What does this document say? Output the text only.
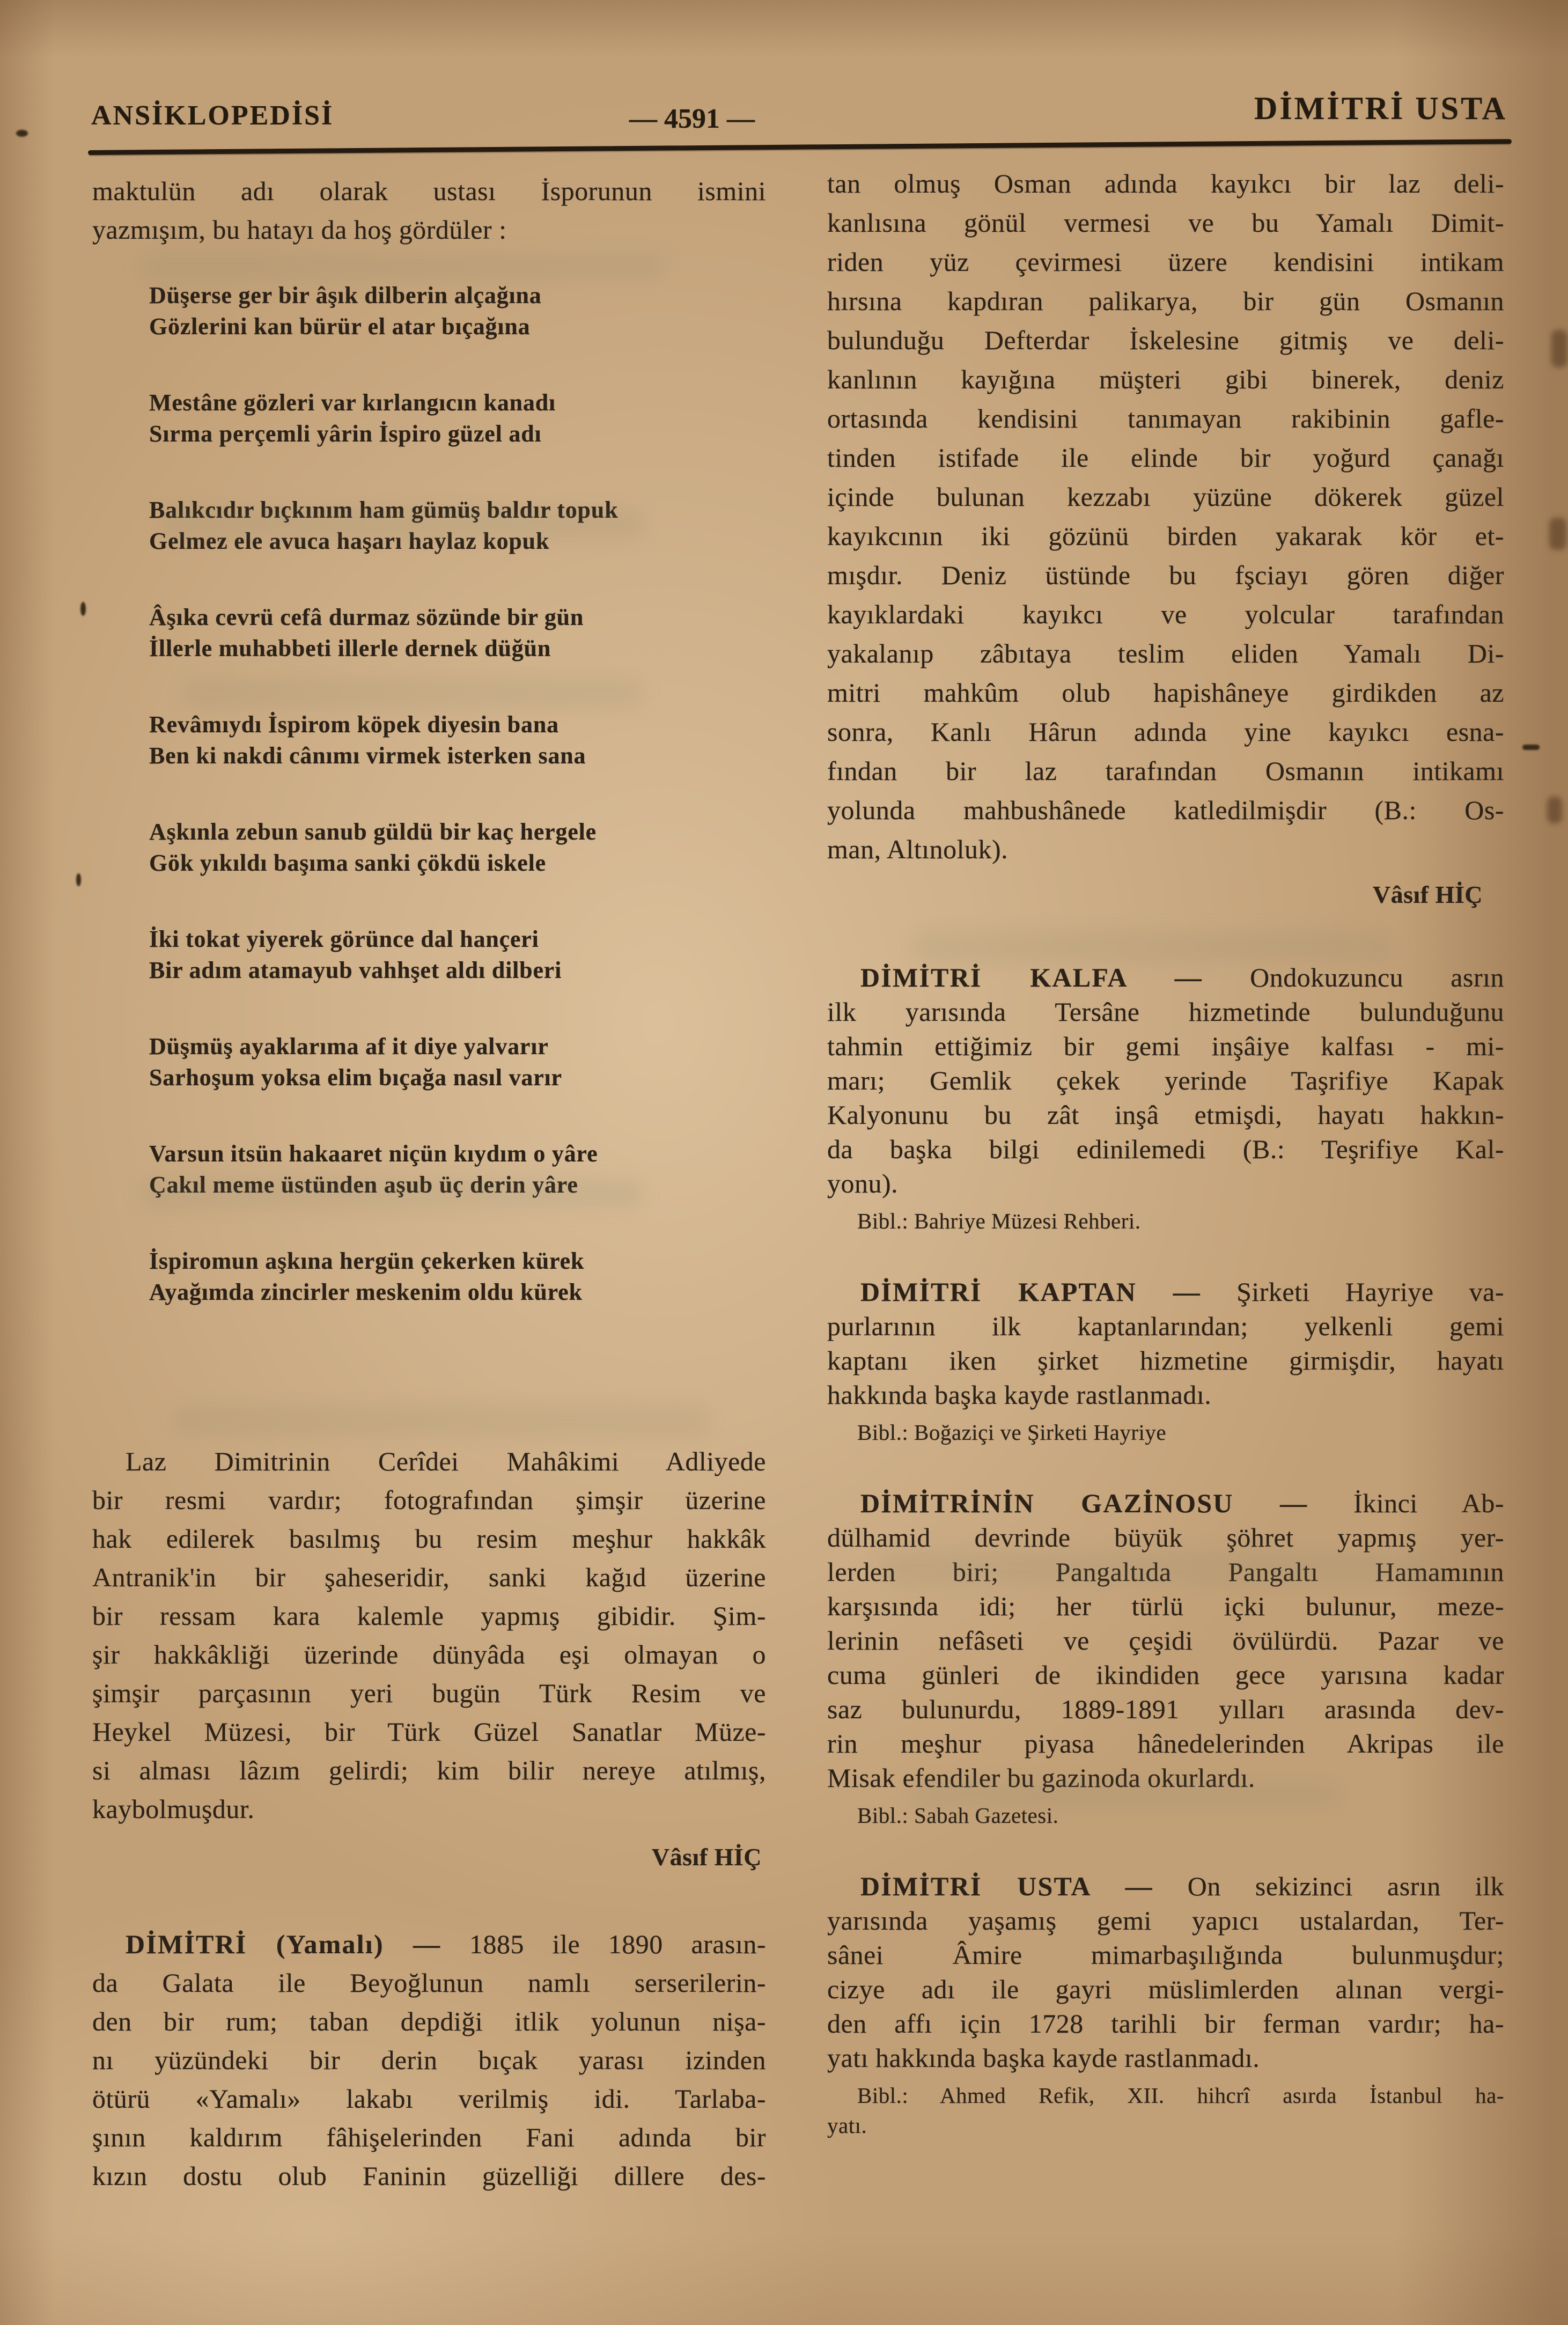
ANSİKLOPEDİSİ	— 4591 —	DİMİTRİ USTA
maktulün adı olarak ustası İsporunun ismini
yazmışım, bu hatayı da hoş gördüler :
Düşerse ger bir âşık dilberin alçağına
Gözlerini kan bürür el atar bıçağına
Mestâne gözleri var kırlangıcın kanadı
Sırma perçemli yârin İspiro güzel adı
Balıkcıdır bıçkınım ham gümüş baldır topuk
Gelmez ele avuca haşarı haylaz kopuk
Âşıka cevrü cefâ durmaz sözünde bir gün
İllerle muhabbeti illerle dernek düğün
Revâmıydı İspirom köpek diyesin bana
Ben ki nakdi cânımı virmek isterken sana
Aşkınla zebun sanub güldü bir kaç hergele
Gök yıkıldı başıma sanki çökdü iskele
İki tokat yiyerek görünce dal hançeri
Bir adım atamayub vahhşet aldı dilberi
Düşmüş ayaklarıma af it diye yalvarır
Sarhoşum yoksa elim bıçağa nasıl varır
Varsun itsün hakaaret niçün kıydım o yâre
Çakıl meme üstünden aşub üç derin yâre
İspiromun aşkına hergün çekerken kürek
Ayağımda zincirler meskenim oldu kürek
Laz Dimitrinin Cerîdei Mahâkimi Adliyede
bir resmi vardır; fotografından şimşir üzerine
hak edilerek basılmış bu resim meşhur hakkâk
Antranik'in bir şaheseridir, sanki kağıd üzerine
bir ressam kara kalemle yapmış gibidir. Şim-
şir hakkâkliği üzerinde dünyâda eşi olmayan o
şimşir parçasının yeri bugün Türk Resim ve
Heykel Müzesi, bir Türk Güzel Sanatlar Müze-
si alması lâzım gelirdi; kim bilir nereye atılmış,
kaybolmuşdur.
Vâsıf HİÇ
DİMİTRİ (Yamalı) — 1885 ile 1890 arasın-
da Galata ile Beyoğlunun namlı serserilerin-
den bir rum; taban depdiği itlik yolunun nişa-
nı yüzündeki bir derin bıçak yarası izinden
ötürü «Yamalı» lakabı verilmiş idi. Tarlaba-
şının kaldırım fâhişelerinden Fani adında bir
kızın dostu olub Faninin güzelliği dillere des-
tan olmuş Osman adında kayıkcı bir laz deli-
kanlısına gönül vermesi ve bu Yamalı Dimit-
riden yüz çevirmesi üzere kendisini intikam
hırsına kapdıran palikarya, bir gün Osmanın
bulunduğu Defterdar İskelesine gitmiş ve deli-
kanlının kayığına müşteri gibi binerek, deniz
ortasında kendisini tanımayan rakibinin gafle-
tinden istifade ile elinde bir yoğurd çanağı
içinde bulunan kezzabı yüzüne dökerek güzel
kayıkcının iki gözünü birden yakarak kör et-
mışdır. Deniz üstünde bu fşciayı gören diğer
kayıklardaki kayıkcı ve yolcular tarafından
yakalanıp zâbıtaya teslim eliden Yamalı Di-
mitri mahkûm olub hapishâneye girdikden az
sonra, Kanlı Hârun adında yine kayıkcı esna-
fından bir laz tarafından Osmanın intikamı
yolunda mahbushânede katledilmişdir (B.: Os-
man, Altınoluk).
Vâsıf HİÇ
DİMİTRİ KALFA — Ondokuzuncu asrın
ilk yarısında Tersâne hizmetinde bulunduğunu
tahmin ettiğimiz bir gemi inşâiye kalfası - mi-
marı; Gemlik çekek yerinde Taşrifiye Kapak
Kalyonunu bu zât inşâ etmişdi, hayatı hakkın-
da başka bilgi edinilemedi (B.: Teşrifiye Kal-
yonu).
Bibl.: Bahriye Müzesi Rehberi.
DİMİTRİ KAPTAN — Şirketi Hayriye va-
purlarının ilk kaptanlarından; yelkenli gemi
kaptanı iken şirket hizmetine girmişdir, hayatı
hakkında başka kayde rastlanmadı.
Bibl.: Boğaziçi ve Şirketi Hayriye
DİMİTRİNİN GAZİNOSU — İkinci Ab-
dülhamid devrinde büyük şöhret yapmış yer-
lerden biri; Pangaltıda Pangaltı Hamamının
karşısında idi; her türlü içki bulunur, meze-
lerinin nefâseti ve çeşidi övülürdü. Pazar ve
cuma günleri de ikindiden gece yarısına kadar
saz bulunurdu, 1889-1891 yılları arasında dev-
rin meşhur piyasa hânedelerinden Akripas ile
Misak efendiler bu gazinoda okurlardı.
Bibl.: Sabah Gazetesi.
DİMİTRİ USTA — On sekizinci asrın ilk
yarısında yaşamış gemi yapıcı ustalardan, Ter-
sânei Âmire mimarbaşılığında bulunmuşdur;
cizye adı ile gayri müslimlerden alınan vergi-
den affı için 1728 tarihli bir ferman vardır; ha-
yatı hakkında başka kayde rastlanmadı.
Bibl.: Ahmed Refik, XII. hihcrî asırda İstanbul ha-
yatı.
